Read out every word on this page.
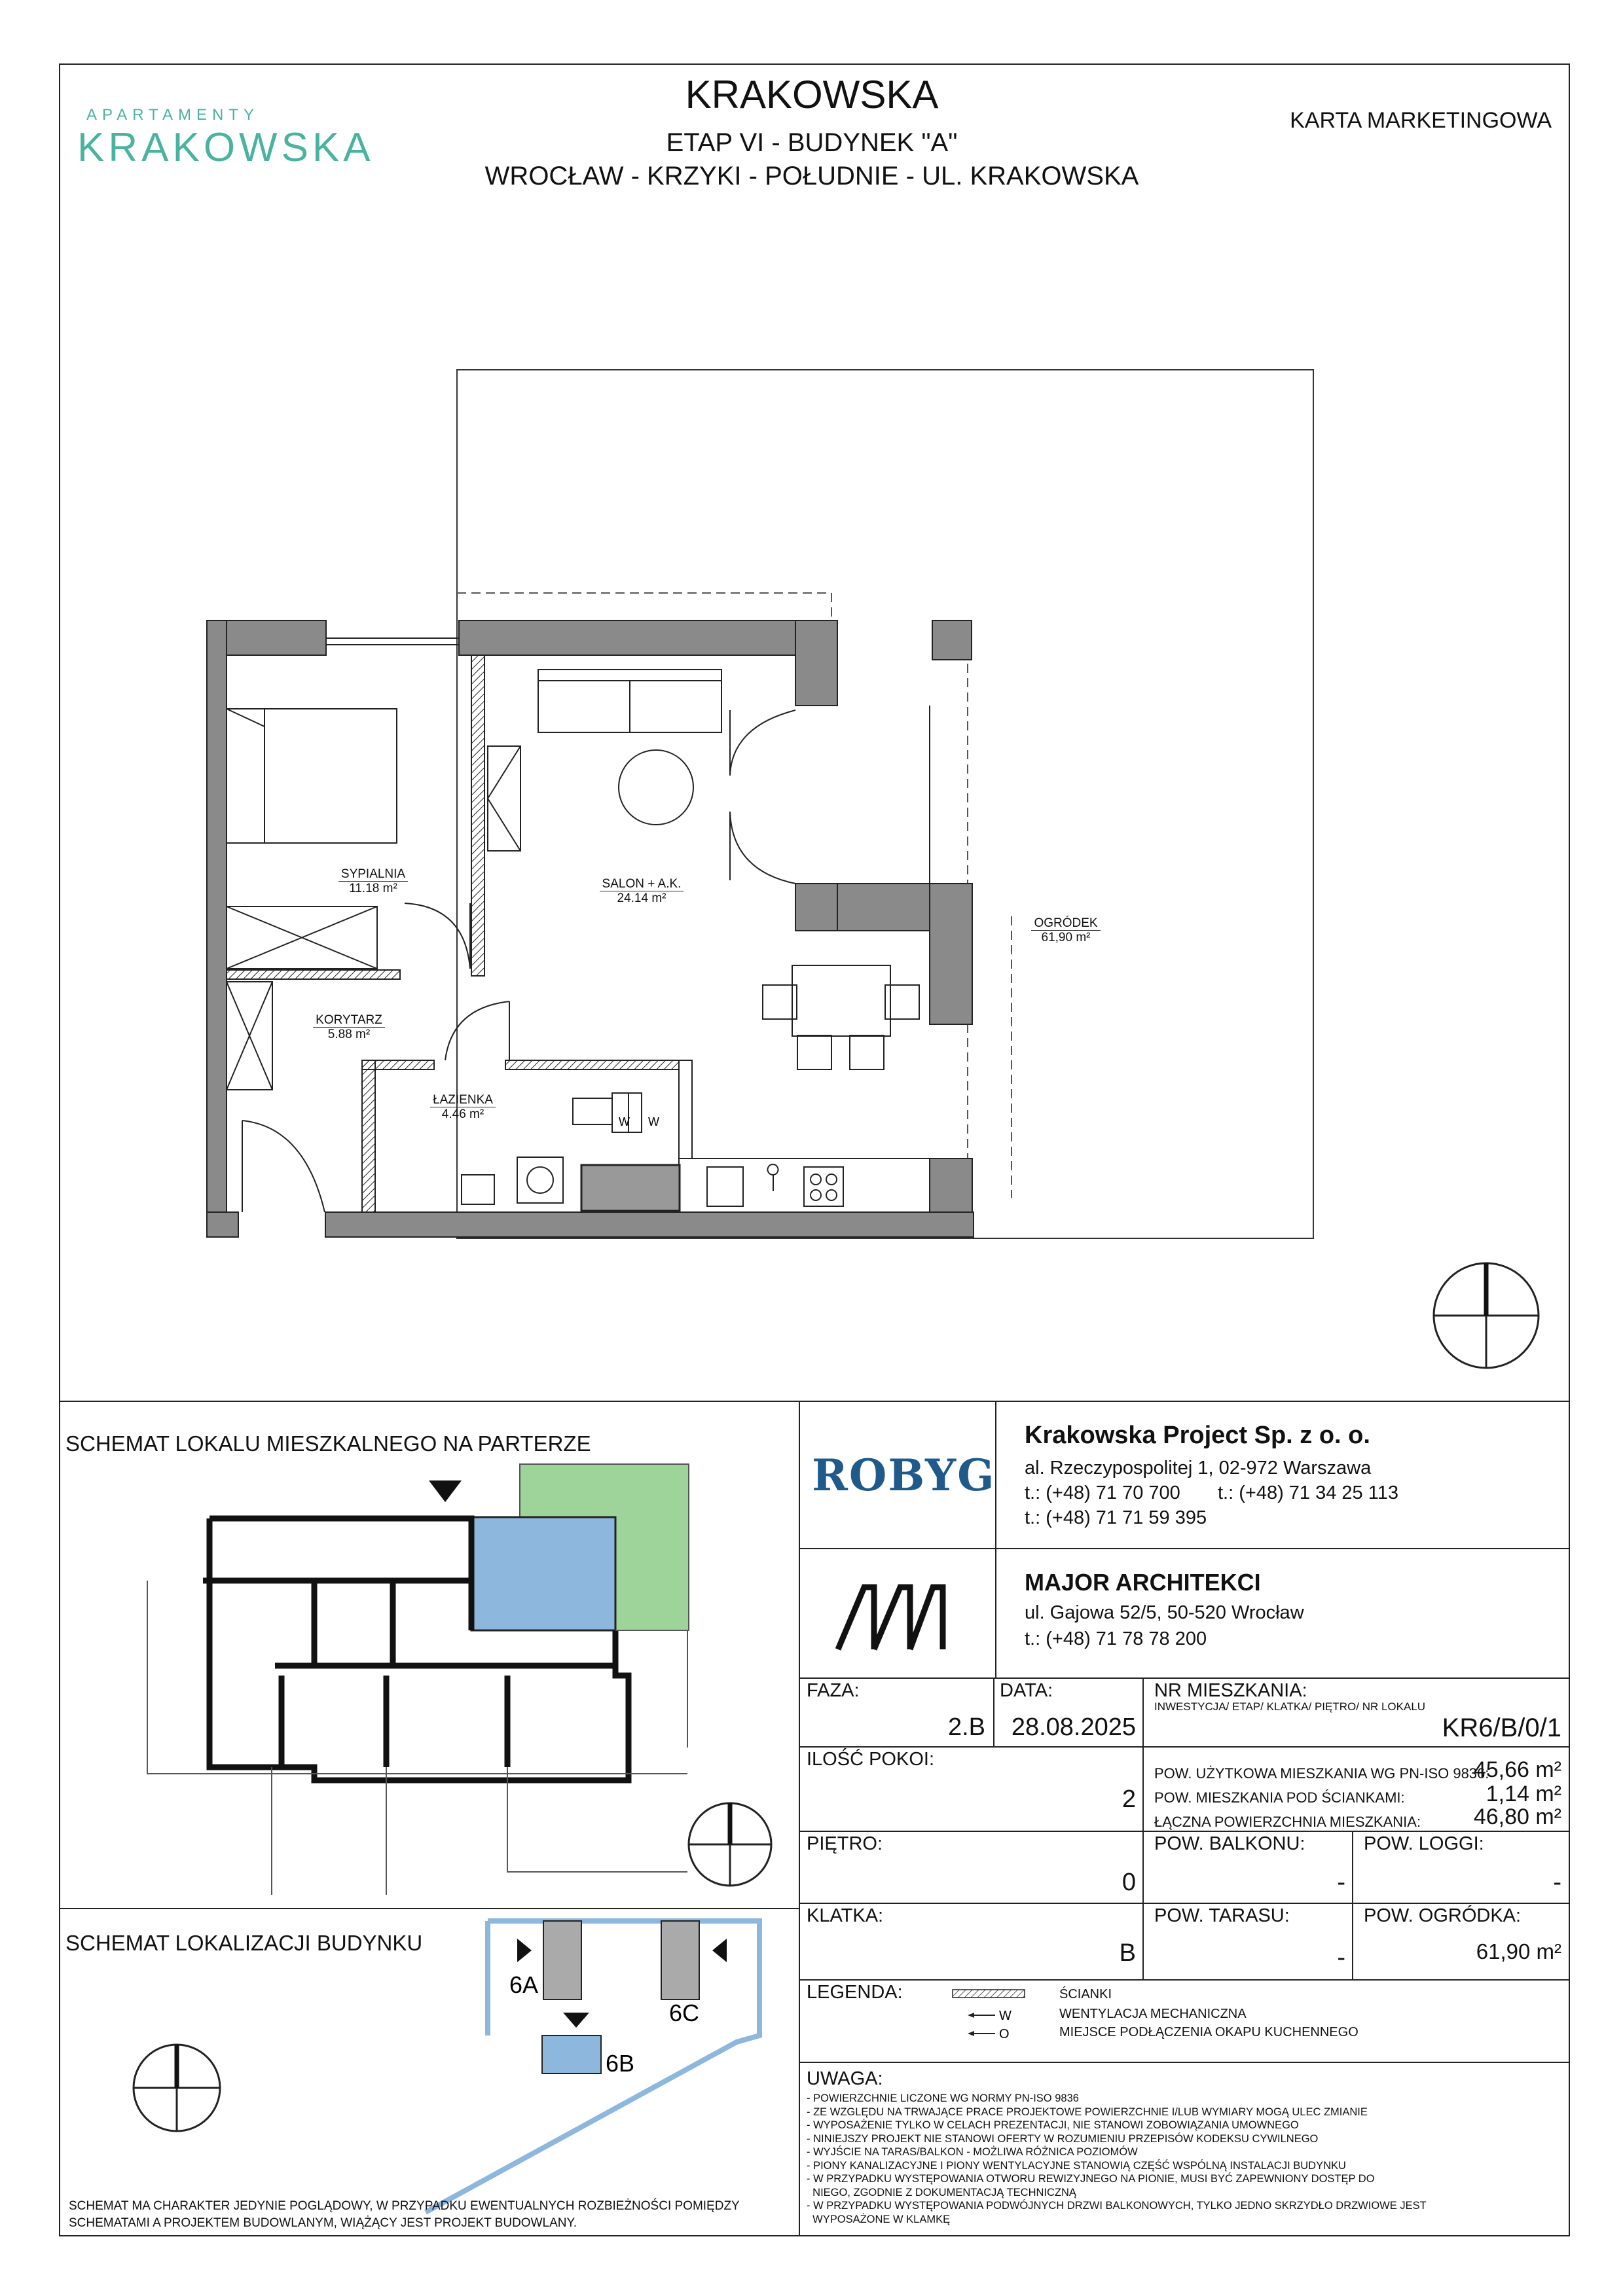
APARTAMENTY
KRAKOWSKA
KRAKOWSKA
ETAP VI - BUDYNEK "A"
WROCŁAW - KRZYKI - POŁUDNIE - UL. KRAKOWSKA
KARTA MARKETINGOWA
W W
SYPIALNIA
11.18 m²	SALON + A.K.
24.14 m²
OGRÓDEK
61,90 m²
KORYTARZ
5.88 m²
ŁAZIENKA
4.46 m²
SCHEMAT LOKALU MIESZKALNEGO NA PARTERZE
SCHEMAT LOKALIZACJI BUDYNKU
6A
6B
6C
SCHEMAT MA CHARAKTER JEDYNIE POGLĄDOWY, W PRZYPADKU EWENTUALNYCH ROZBIEŻNOŚCI POMIĘDZY SCHEMATAMI A PROJEKTEM BUDOWLANYM, WIĄŻĄCY JEST PROJEKT BUDOWLANY.
ROBYG
Krakowska Project Sp. z o. o.
al. Rzeczypospolitej 1, 02-972 Warszawa
t.: (+48) 71 70 700 t.: (+48) 71 34 25 113
t.: (+48) 71 71 59 395
MAJOR ARCHITEKCI
ul. Gajowa 52/5, 50-520 Wrocław
t.: (+48) 71 78 78 200
FAZA:
2.B
DATA:
28.08.2025
NR MIESZKANIA:
INWESTYCJA/ ETAP/ KLATKA/ PIĘTRO/ NR LOKALU
KR6/B/0/1
ILOŚĆ POKOI:
2
POW. UŻYTKOWA MIESZKANIA WG PN-ISO 9836:
45,66 m²
POW. MIESZKANIA POD ŚCIANKAMI:	1,14 m²
ŁĄCZNA POWIERZCHNIA MIESZKANIA:	46,80 m²
PIĘTRO:
0
POW. BALKONU:
-
POW. LOGGI:
-
KLATKA:
B
POW. TARASU:
-
POW. OGRÓDKA:
61,90 m²
LEGENDA:
W
O
ŚCIANKI
WENTYLACJA MECHANICZNA
MIEJSCE PODŁĄCZENIA OKAPU KUCHENNEGO
UWAGA:
- POWIERZCHNIE LICZONE WG NORMY PN-ISO 9836
- ZE WZGLĘDU NA TRWAJĄCE PRACE PROJEKTOWE POWIERZCHNIE I/LUB WYMIARY MOGĄ ULEC ZMIANIE
- WYPOSAŻENIE TYLKO W CELACH PREZENTACJI, NIE STANOWI ZOBOWIĄZANIA UMOWNEGO
- NINIEJSZY PROJEKT NIE STANOWI OFERTY W ROZUMIENIU PRZEPISÓW KODEKSU CYWILNEGO
- WYJŚCIE NA TARAS/BALKON - MOŻLIWA RÓŻNICA POZIOMÓW
- PIONY KANALIZACYJNE I PIONY WENTYLACYJNE STANOWIĄ CZĘŚĆ WSPÓLNĄ INSTALACJI BUDYNKU
- W PRZYPADKU WYSTĘPOWANIA OTWORU REWIZYJNEGO NA PIONIE, MUSI BYĆ ZAPEWNIONY DOSTĘP DO
NIEGO, ZGODNIE Z DOKUMENTACJĄ TECHNICZNĄ
- W PRZYPADKU WYSTĘPOWANIA PODWÓJNYCH DRZWI BALKONOWYCH, TYLKO JEDNO SKRZYDŁO DRZWIOWE JEST
WYPOSAŻONE W KLAMKĘ
